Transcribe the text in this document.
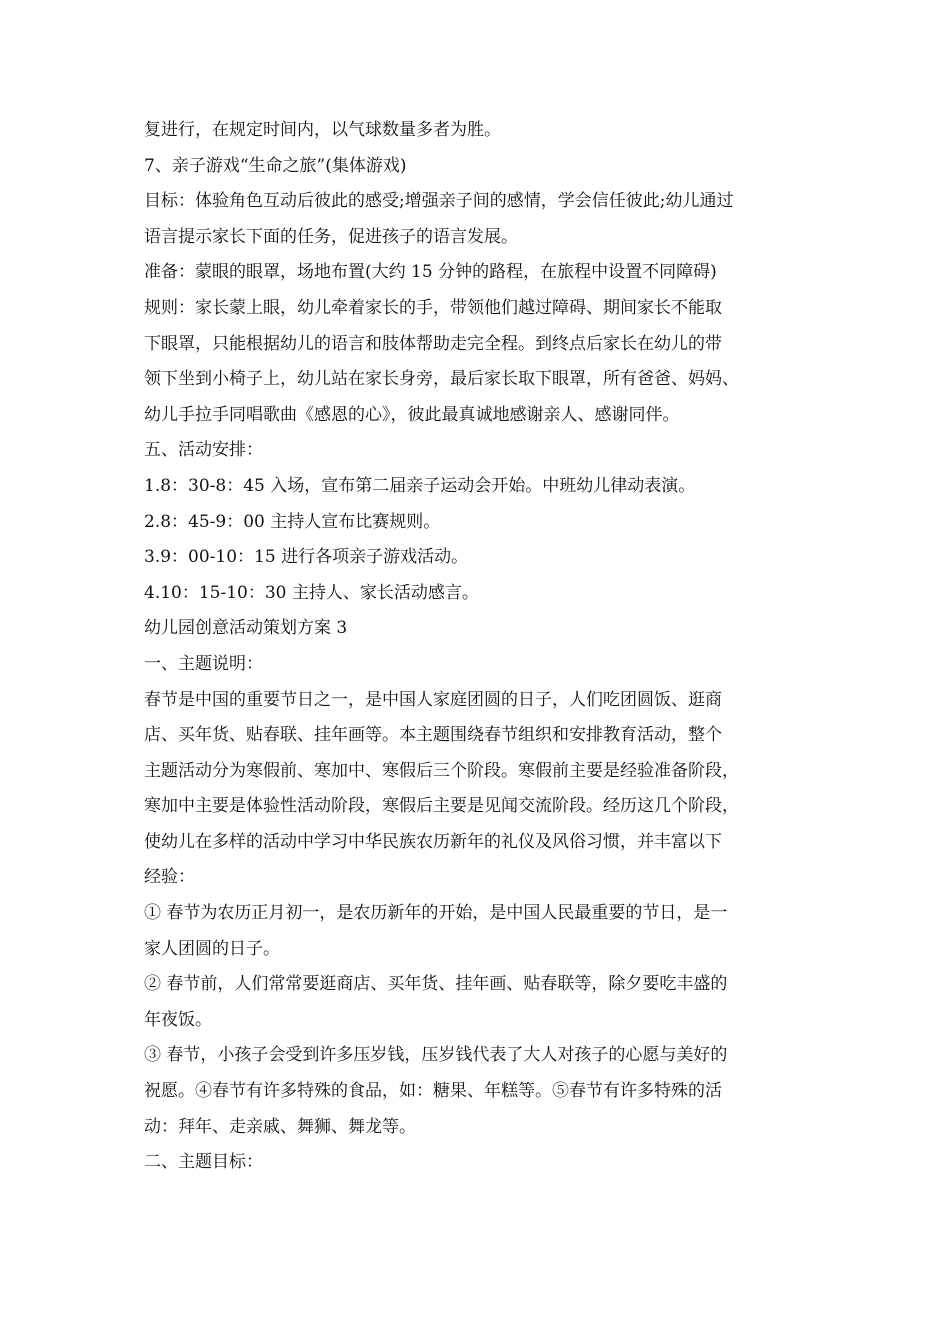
复进行，在规定时间内，以气球数量多者为胜。
7、亲子游戏“生命之旅”(集体游戏)
目标：体验角色互动后彼此的感受;增强亲子间的感情，学会信任彼此;幼儿通过
语言提示家长下面的任务，促进孩子的语言发展。
准备：蒙眼的眼罩，场地布置(大约 15 分钟的路程，在旅程中设置不同障碍)
规则：家长蒙上眼，幼儿牵着家长的手，带领他们越过障碍、期间家长不能取
下眼罩，只能根据幼儿的语言和肢体帮助走完全程。到终点后家长在幼儿的带
领下坐到小椅子上，幼儿站在家长身旁，最后家长取下眼罩，所有爸爸、妈妈、
幼儿手拉手同唱歌曲《感恩的心》，彼此最真诚地感谢亲人、感谢同伴。
五、活动安排：
1.8：30-8：45 入场，宣布第二届亲子运动会开始。中班幼儿律动表演。
2.8：45-9：00 主持人宣布比赛规则。
3.9：00-10：15 进行各项亲子游戏活动。
4.10：15-10：30 主持人、家长活动感言。
幼儿园创意活动策划方案 3
一、主题说明：
春节是中国的重要节日之一，是中国人家庭团圆的日子，人们吃团圆饭、逛商
店、买年货、贴春联、挂年画等。本主题围绕春节组织和安排教育活动，整个
主题活动分为寒假前、寒加中、寒假后三个阶段。寒假前主要是经验准备阶段，
寒加中主要是体验性活动阶段，寒假后主要是见闻交流阶段。经历这几个阶段，
使幼儿在多样的活动中学习中华民族农历新年的礼仪及风俗习惯，并丰富以下
经验：
① 春节为农历正月初一，是农历新年的开始，是中国人民最重要的节日，是一
家人团圆的日子。
② 春节前，人们常常要逛商店、买年货、挂年画、贴春联等，除夕要吃丰盛的
年夜饭。
③ 春节，小孩子会受到许多压岁钱，压岁钱代表了大人对孩子的心愿与美好的
祝愿。④春节有许多特殊的食品，如：糖果、年糕等。⑤春节有许多特殊的活
动：拜年、走亲戚、舞狮、舞龙等。
二、主题目标：
